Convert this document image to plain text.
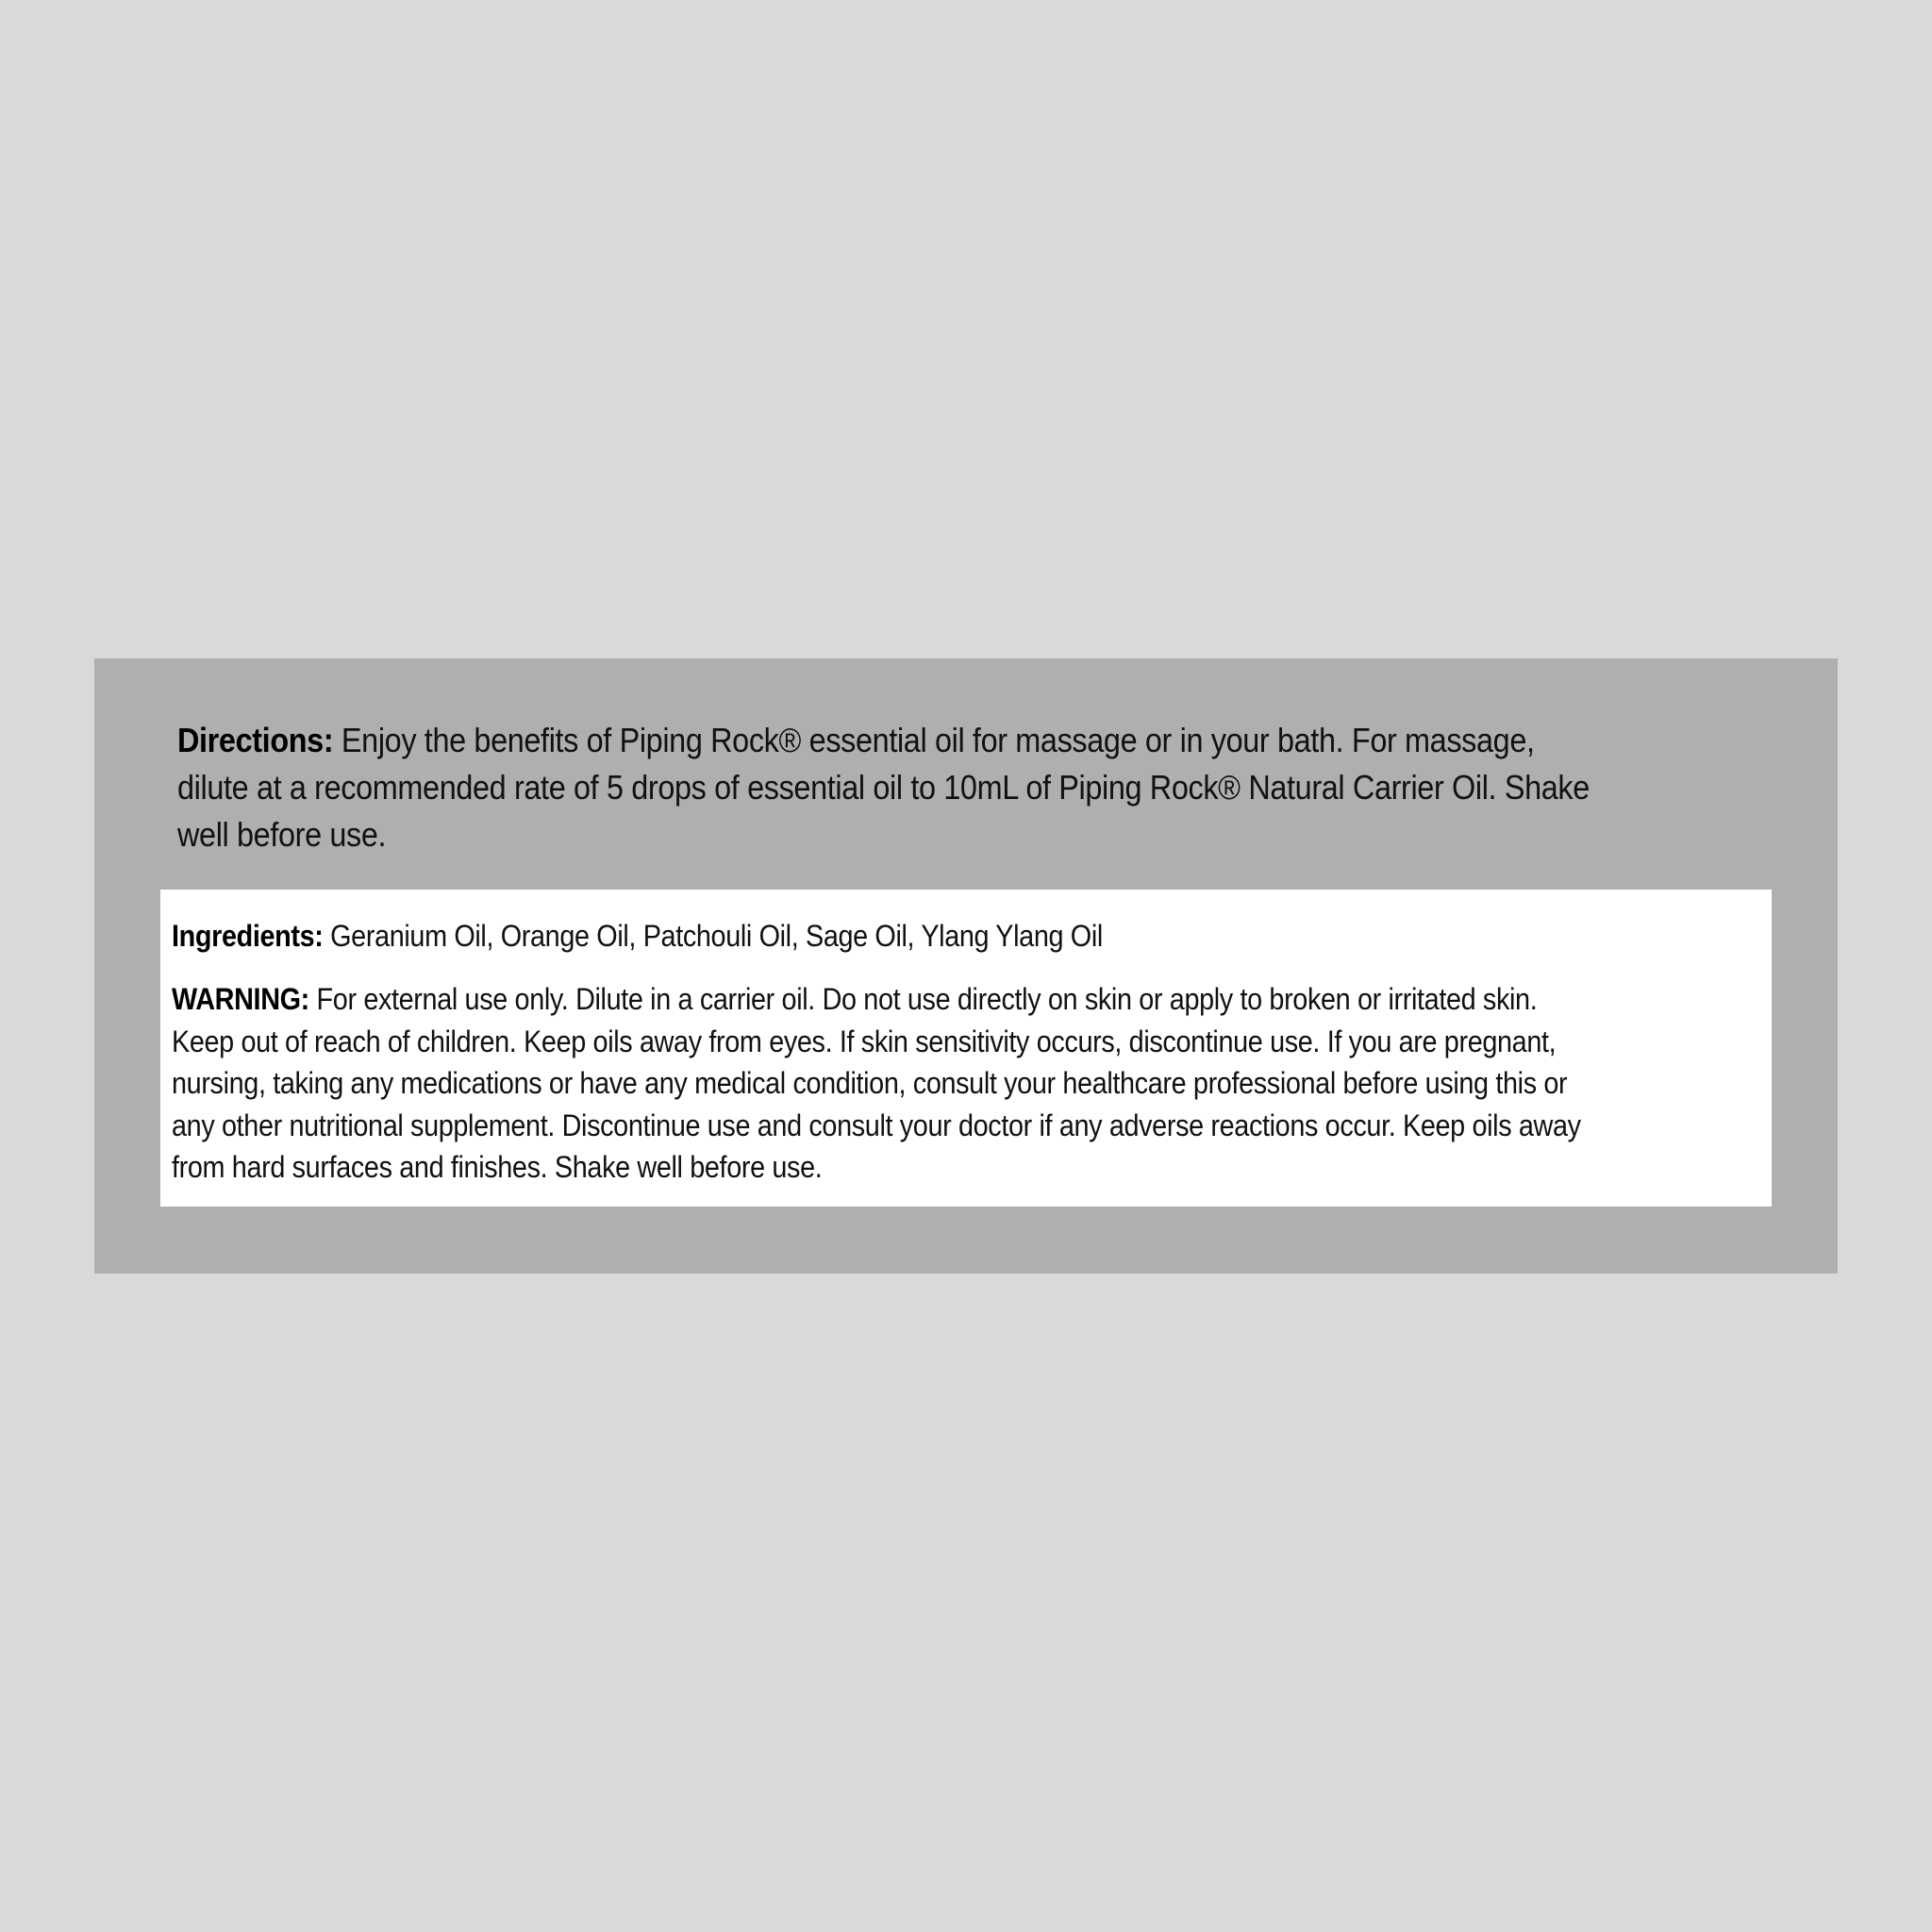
Directions: Enjoy the benefits of Piping Rock® essential oil for massage or in your bath. For massage,
dilute at a recommended rate of 5 drops of essential oil to 10mL of Piping Rock® Natural Carrier Oil. Shake
well before use.
Ingredients: Geranium Oil, Orange Oil, Patchouli Oil, Sage Oil, Ylang Ylang Oil
WARNING: For external use only. Dilute in a carrier oil. Do not use directly on skin or apply to broken or irritated skin.
Keep out of reach of children. Keep oils away from eyes. If skin sensitivity occurs, discontinue use. If you are pregnant,
nursing, taking any medications or have any medical condition, consult your healthcare professional before using this or
any other nutritional supplement. Discontinue use and consult your doctor if any adverse reactions occur. Keep oils away
from hard surfaces and finishes. Shake well before use.
